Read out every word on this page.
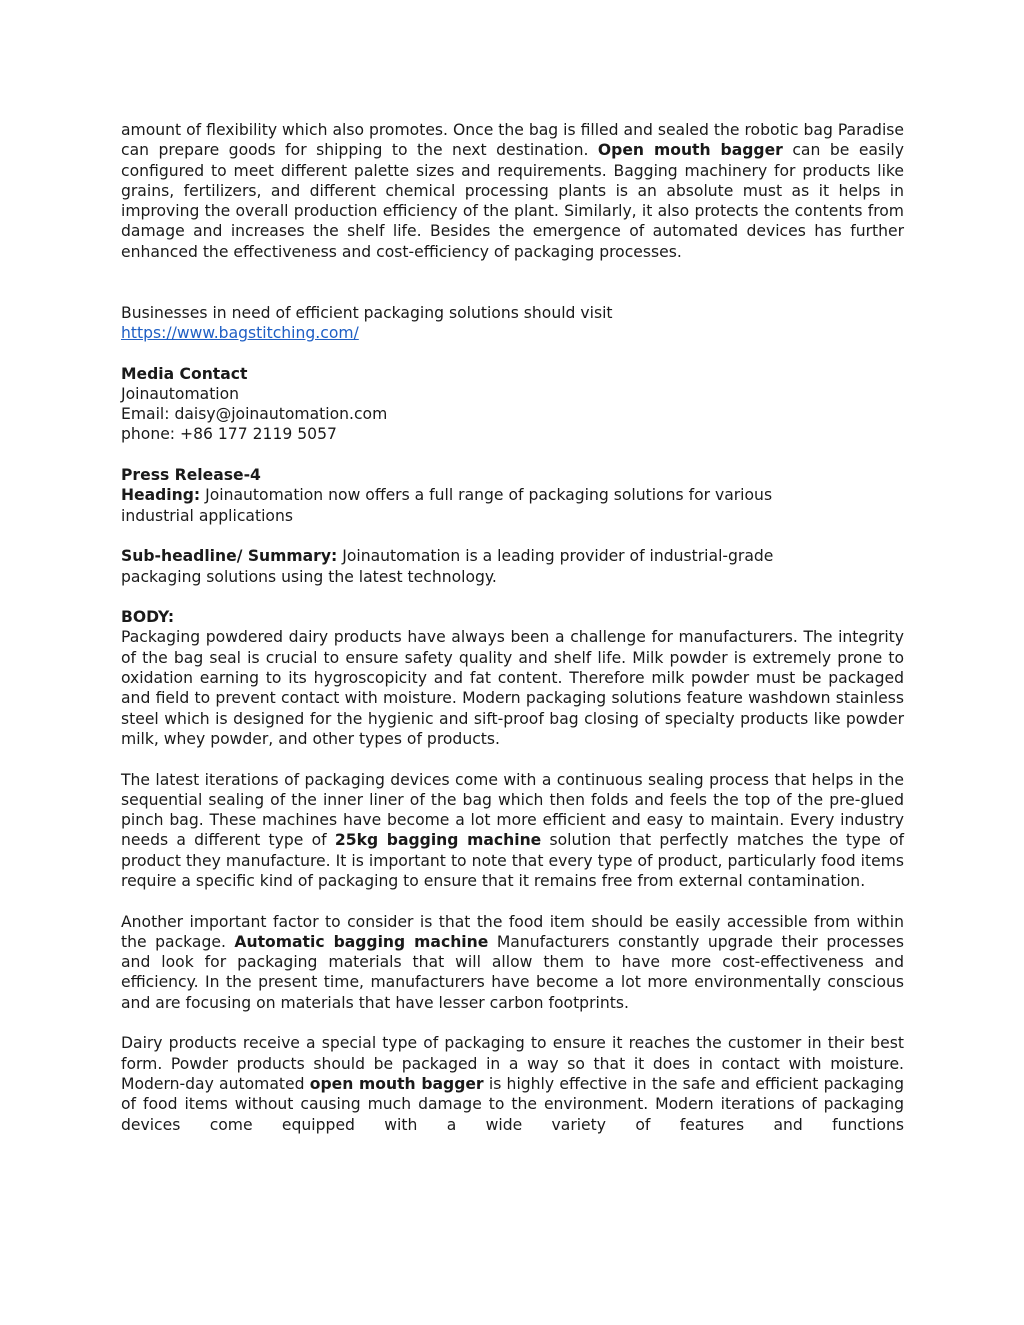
amount of flexibility which also promotes. Once the bag is filled and sealed the robotic bag Paradise can prepare goods for shipping to the next destination. Open mouth bagger can be easily configured to meet different palette sizes and requirements. Bagging machinery for products like grains, fertilizers, and different chemical processing plants is an absolute must as it helps in improving the overall production efficiency of the plant. Similarly, it also protects the contents from damage and increases the shelf life. Besides the emergence of automated devices has further enhanced the effectiveness and cost-efficiency of packaging processes.

Businesses in need of efficient packaging solutions should visit

https://www.bagstitching.com/

Media Contact

Joinautomation

Email: daisy@joinautomation.com

phone: +86 177 2119 5057

Press Release-4

Heading: Joinautomation now offers a full range of packaging solutions for various industrial applications

Sub-headline/ Summary: Joinautomation is a leading provider of industrial-grade packaging solutions using the latest technology.

BODY:

Packaging powdered dairy products have always been a challenge for manufacturers. The integrity of the bag seal is crucial to ensure safety quality and shelf life. Milk powder is extremely prone to oxidation earning to its hygroscopicity and fat content. Therefore milk powder must be packaged and field to prevent contact with moisture. Modern packaging solutions feature washdown stainless steel which is designed for the hygienic and sift-proof bag closing of specialty products like powder milk, whey powder, and other types of products.

The latest iterations of packaging devices come with a continuous sealing process that helps in the sequential sealing of the inner liner of the bag which then folds and feels the top of the pre-glued pinch bag. These machines have become a lot more efficient and easy to maintain. Every industry needs a different type of 25kg bagging machine solution that perfectly matches the type of product they manufacture. It is important to note that every type of product, particularly food items require a specific kind of packaging to ensure that it remains free from external contamination.

Another important factor to consider is that the food item should be easily accessible from within the package. Automatic bagging machine Manufacturers constantly upgrade their processes and look for packaging materials that will allow them to have more cost-effectiveness and efficiency. In the present time, manufacturers have become a lot more environmentally conscious and are focusing on materials that have lesser carbon footprints.

Dairy products receive a special type of packaging to ensure it reaches the customer in their best form. Powder products should be packaged in a way so that it does in contact with moisture. Modern-day automated open mouth bagger is highly effective in the safe and efficient packaging of food items without causing much damage to the environment. Modern iterations of packaging devices come equipped with a wide variety of features and functions
